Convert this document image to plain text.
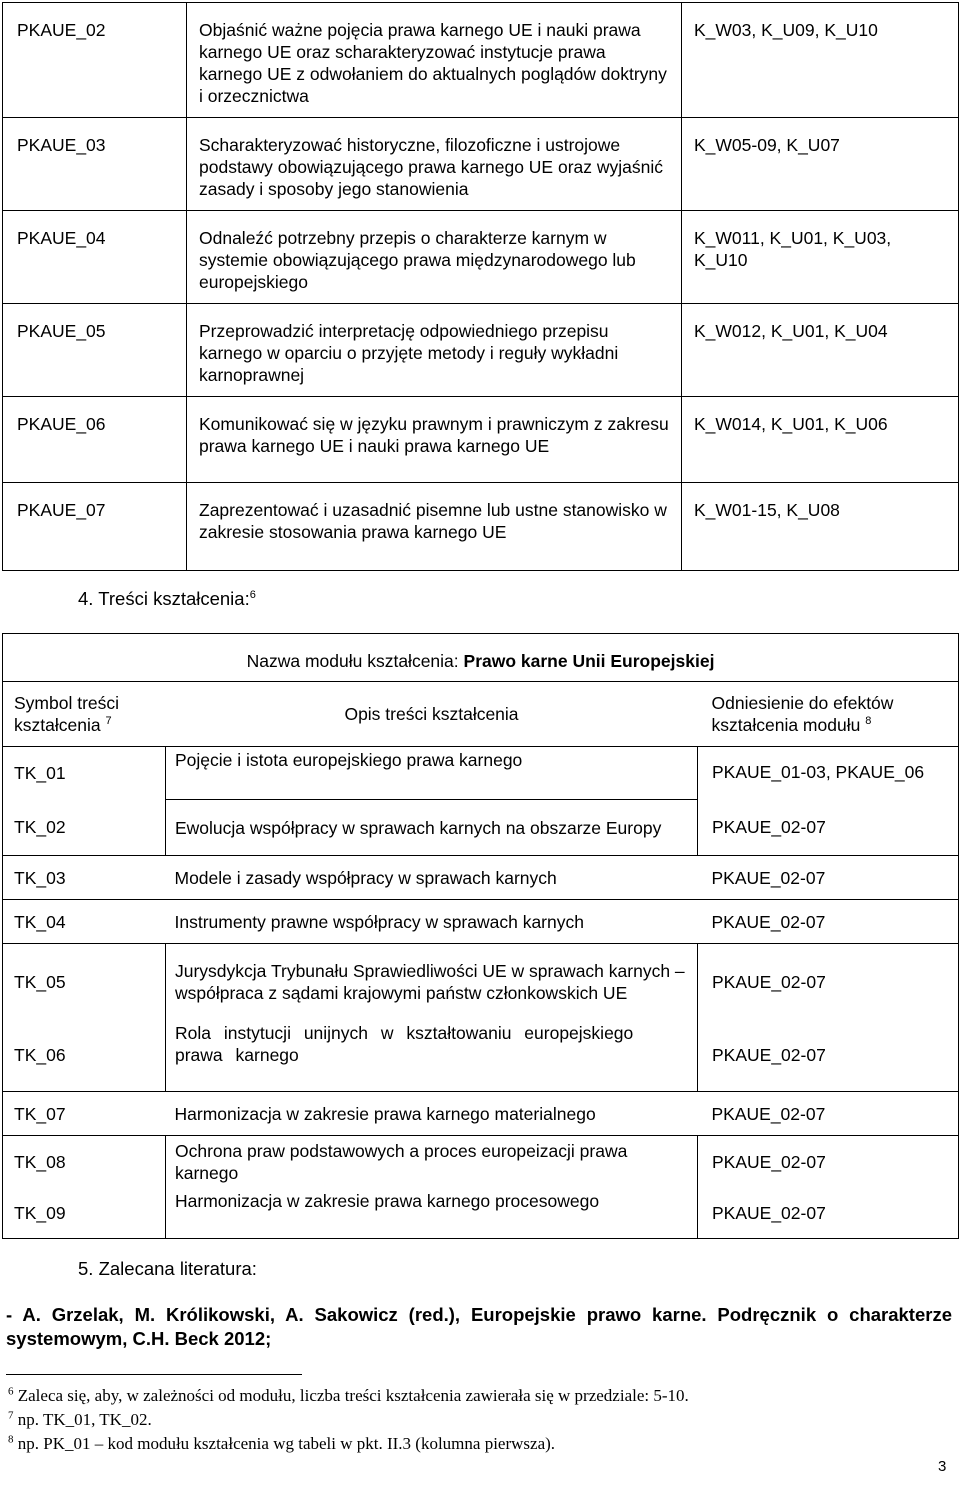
PKAUE_02	Objaśnić ważne pojęcia prawa karnego UE i nauki prawa karnego UE oraz scharakteryzować instytucje prawa karnego UE z odwołaniem do aktualnych poglądów doktryny i orzecznictwa	K_W03, K_U09, K_U10
PKAUE_03	Scharakteryzować historyczne, filozoficzne i ustrojowe podstawy obowiązującego prawa karnego UE oraz wyjaśnić zasady i sposoby jego stanowienia	K_W05-09, K_U07
PKAUE_04	Odnaleźć potrzebny przepis o charakterze karnym w systemie obowiązującego prawa międzynarodowego lub europejskiego	K_W011, K_U01, K_U03, K_U10
PKAUE_05	Przeprowadzić interpretację odpowiedniego przepisu karnego w oparciu o przyjęte metody i reguły wykładni karnoprawnej	K_W012, K_U01, K_U04
PKAUE_06	Komunikować się w języku prawnym i prawniczym z zakresu prawa karnego UE i nauki prawa karnego UE	K_W014, K_U01, K_U06
PKAUE_07	Zaprezentować i uzasadnić pisemne lub ustne stanowisko w zakresie stosowania prawa karnego UE	K_W01-15, K_U08
4. Treści kształcenia:$^6$
Nazwa modułu kształcenia: Prawo karne Unii Europejskiej		
Symbol treści kształcenia $^7$	Opis treści kształcenia	Odniesienie do efektów kształcenia modułu $^8$
TK_01	Pojęcie i istota europejskiego prawa karnego	PKAUE_01-03, PKAUE_06
TK_02	Ewolucja współpracy w sprawach karnych na obszarze Europy	PKAUE_02-07
TK_03	Modele i zasady współpracy w sprawach karnych	PKAUE_02-07
TK_04	Instrumenty prawne współpracy w sprawach karnych	PKAUE_02-07
TK_05	Jurysdykcja Trybunału Sprawiedliwości UE w sprawach karnych – współpraca z sądami krajowymi państw członkowskich UE	PKAUE_02-07
TK_06	Rola instytucji unijnych w kształtowaniu europejskiego prawa karnego	PKAUE_02-07
TK_07	Harmonizacja w zakresie prawa karnego materialnego	PKAUE_02-07
TK_08	Ochrona praw podstawowych a proces europeizacji prawa karnego	PKAUE_02-07
TK_09	Harmonizacja w zakresie prawa karnego procesowego	PKAUE_02-07
5. Zalecana literatura:
- A. Grzelak, M. Królikowski, A. Sakowicz (red.), Europejskie prawo karne. Podręcznik o charakterze systemowym, C.H. Beck 2012;
$^6$ Zaleca się, aby, w zależności od modułu, liczba treści kształcenia zawierała się w przedziale: 5-10.
$^7$ np. TK_01, TK_02.
$^8$ np. PK_01 – kod modułu kształcenia wg tabeli w pkt. II.3 (kolumna pierwsza).
3
